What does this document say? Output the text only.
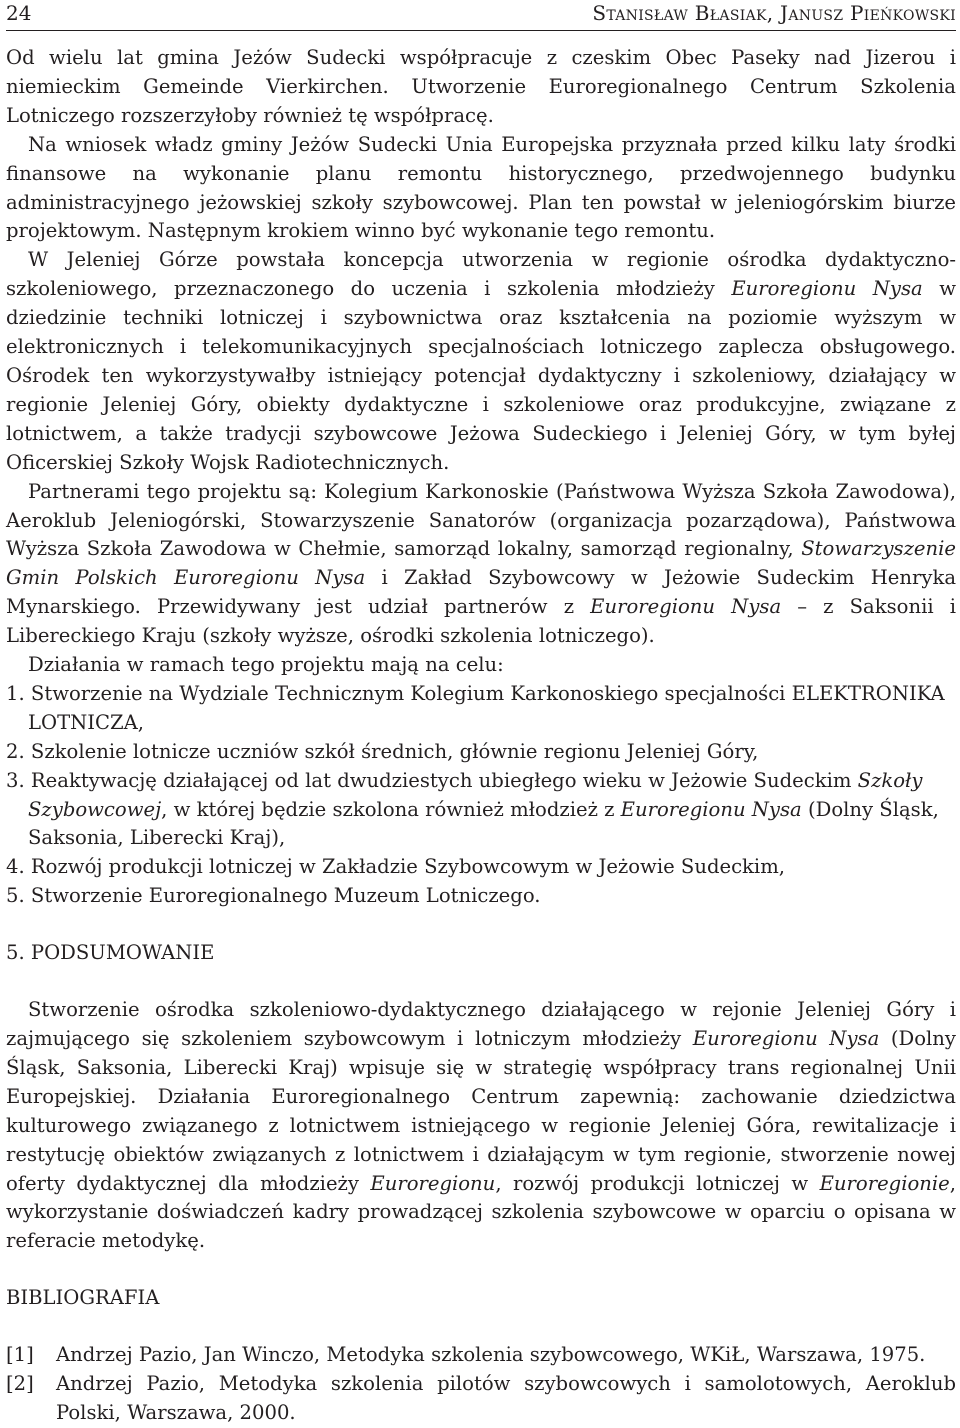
24	Stanisław Błasiak, Janusz Pieńkowski

Od wielu lat gmina Jeżów Sudecki współpracuje z czeskim Obec Paseky nad Jizerou i niemieckim Gemeinde Vierkirchen. Utworzenie Euroregionalnego Centrum Szkolenia Lotniczego rozszerzyłoby również tę współpracę.

Na wniosek władz gminy Jeżów Sudecki Unia Europejska przyznała przed kilku laty środki finansowe na wykonanie planu remontu historycznego, przedwojennego budynku administracyjnego jeżowskiej szkoły szybowcowej. Plan ten powstał w jeleniogórskim biurze projektowym. Następnym krokiem winno być wykonanie tego remontu.

W Jeleniej Górze powstała koncepcja utworzenia w regionie ośrodka dydaktyczno-szkoleniowego, przeznaczonego do uczenia i szkolenia młodzieży Euroregionu Nysa w dziedzinie techniki lotniczej i szybownictwa oraz kształcenia na poziomie wyższym w elektronicznych i telekomunikacyjnych specjalnościach lotniczego zaplecza obsługowego. Ośrodek ten wykorzystywałby istniejący potencjał dydaktyczny i szkoleniowy, działający w regionie Jeleniej Góry, obiekty dydaktyczne i szkoleniowe oraz produkcyjne, związane z lotnictwem, a także tradycji szybowcowe Jeżowa Sudeckiego i Jeleniej Góry, w tym byłej Oficerskiej Szkoły Wojsk Radiotechnicznych.

Partnerami tego projektu są: Kolegium Karkonoskie (Państwowa Wyższa Szkoła Zawodowa), Aeroklub Jeleniogórski, Stowarzyszenie Sanatorów (organizacja pozarządowa), Państwowa Wyższa Szkoła Zawodowa w Chełmie, samorząd lokalny, samorząd regionalny, Stowarzyszenie Gmin Polskich Euroregionu Nysa i Zakład Szybowcowy w Jeżowie Sudeckim Henryka Mynarskiego. Przewidywany jest udział partnerów z Euroregionu Nysa – z Saksonii i Libereckiego Kraju (szkoły wyższe, ośrodki szkolenia lotniczego).

Działania w ramach tego projektu mają na celu:

1. Stworzenie na Wydziale Technicznym Kolegium Karkonoskiego specjalności ELEKTRONIKA LOTNICZA,
2. Szkolenie lotnicze uczniów szkół średnich, głównie regionu Jeleniej Góry,
3. Reaktywację działającej od lat dwudziestych ubiegłego wieku w Jeżowie Sudeckim Szkoły Szybowcowej, w której będzie szkolona również młodzież z Euroregionu Nysa (Dolny Śląsk, Saksonia, Liberecki Kraj),
4. Rozwój produkcji lotniczej w Zakładzie Szybowcowym w Jeżowie Sudeckim,
5. Stworzenie Euroregionalnego Muzeum Lotniczego.

5. PODSUMOWANIE

Stworzenie ośrodka szkoleniowo-dydaktycznego działającego w rejonie Jeleniej Góry i zajmującego się szkoleniem szybowcowym i lotniczym młodzieży Euroregionu Nysa (Dolny Śląsk, Saksonia, Liberecki Kraj) wpisuje się w strategię współpracy trans regionalnej Unii Europejskiej. Działania Euroregionalnego Centrum zapewnią: zachowanie dziedzictwa kulturowego związanego z lotnictwem istniejącego w regionie Jeleniej Góra, rewitalizacje i restytucję obiektów związanych z lotnictwem i działającym w tym regionie, stworzenie nowej oferty dydaktycznej dla młodzieży Euroregionu, rozwój produkcji lotniczej w Euroregionie, wykorzystanie doświadczeń kadry prowadzącej szkolenia szybowcowe w oparciu o opisana w referacie metodykę.

BIBLIOGRAFIA

[1] Andrzej Pazio, Jan Winczo, Metodyka szkolenia szybowcowego, WKiŁ, Warszawa, 1975.
[2] Andrzej Pazio, Metodyka szkolenia pilotów szybowcowych i samolotowych, Aeroklub Polski, Warszawa, 2000.
